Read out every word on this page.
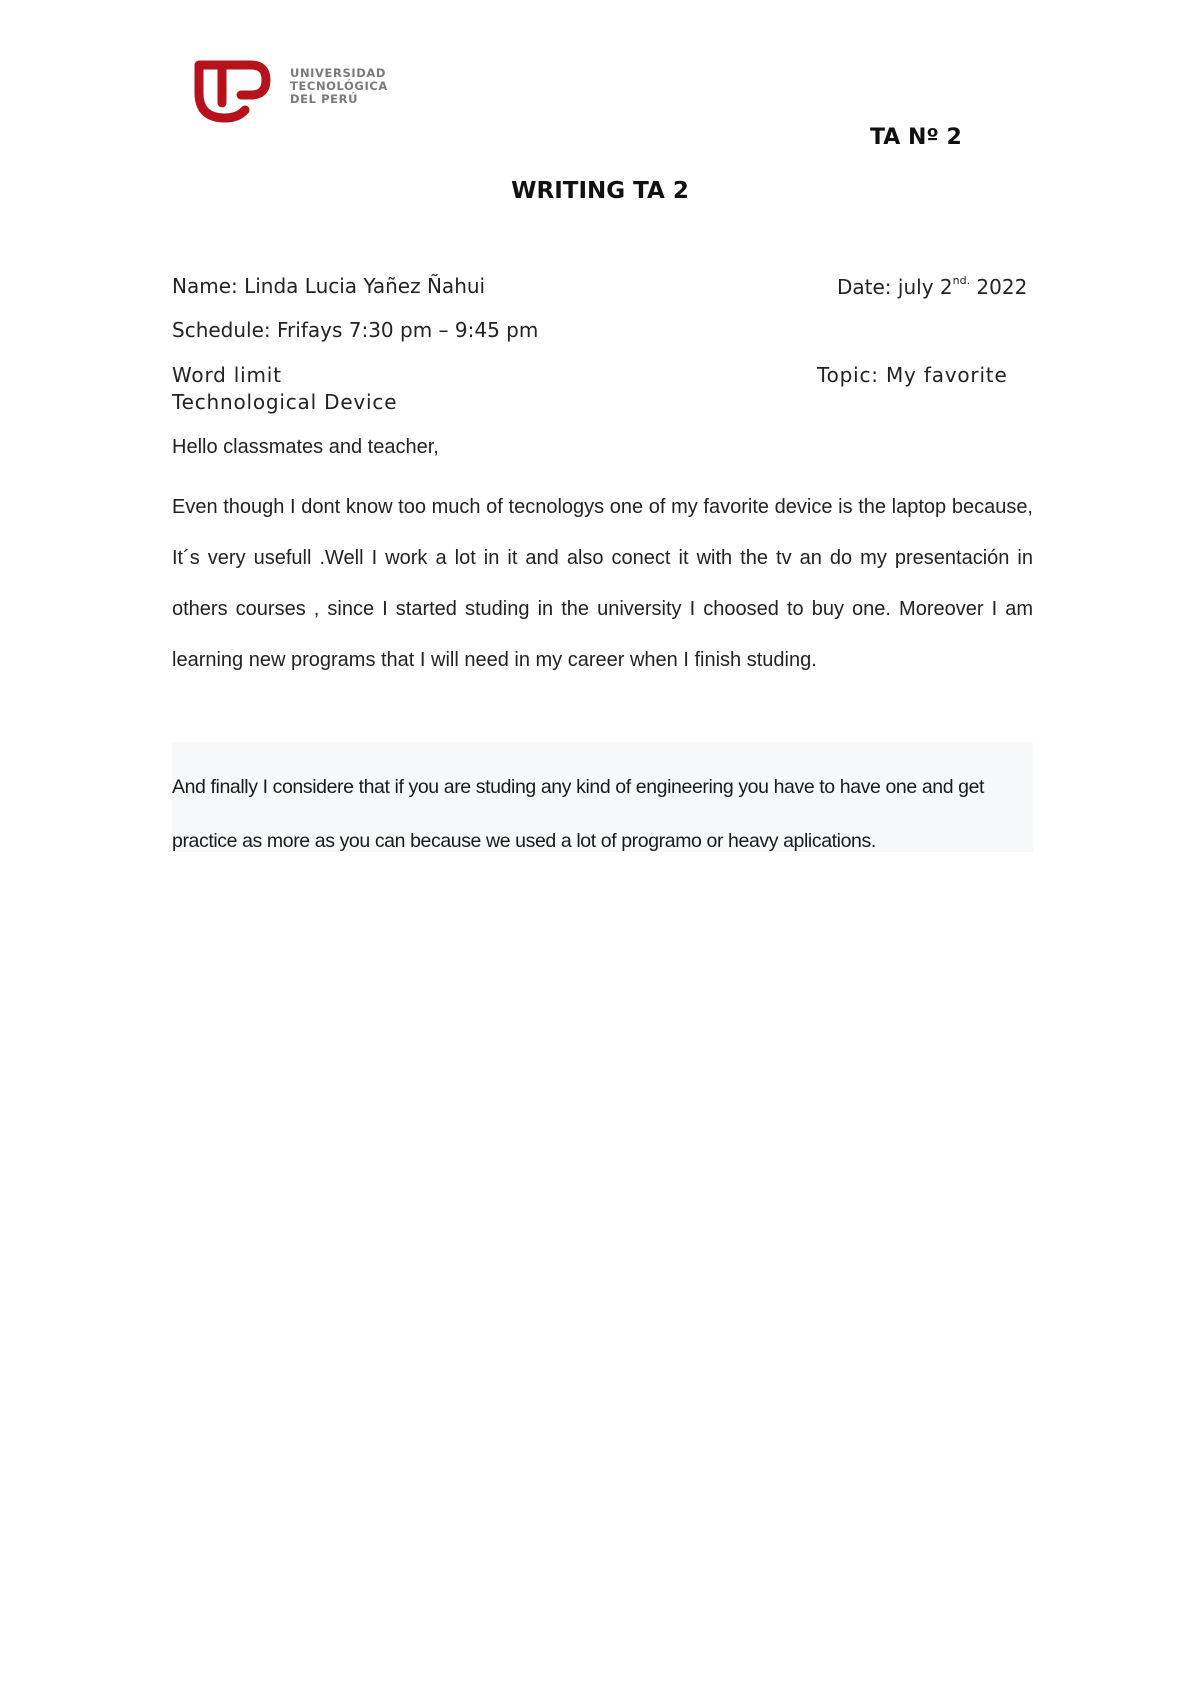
UNIVERSIDAD
TECNOLÓGICA
DEL PERÚ
TA Nº 2
WRITING TA 2
Name: Linda Lucia Yañez Ñahui	Date: july $2^{nd.}$ 2022
Schedule: Frifays 7:30 pm – 9:45 pm
Word limit	Topic: My favorite
Technological Device
Hello classmates and teacher,

Even though I dont know too much of tecnologys one of my favorite device is the laptop because, It´s very usefull .Well I work a lot in it and also conect it with the tv an do my presentación in others courses , since I started studing in the university I choosed to buy one. Moreover I am learning new programs that I will need in my career when I finish studing.

And finally I considere that if you are studing any kind of engineering you have to have one and get practice as more as you can because we used a lot of programo or heavy aplications.
